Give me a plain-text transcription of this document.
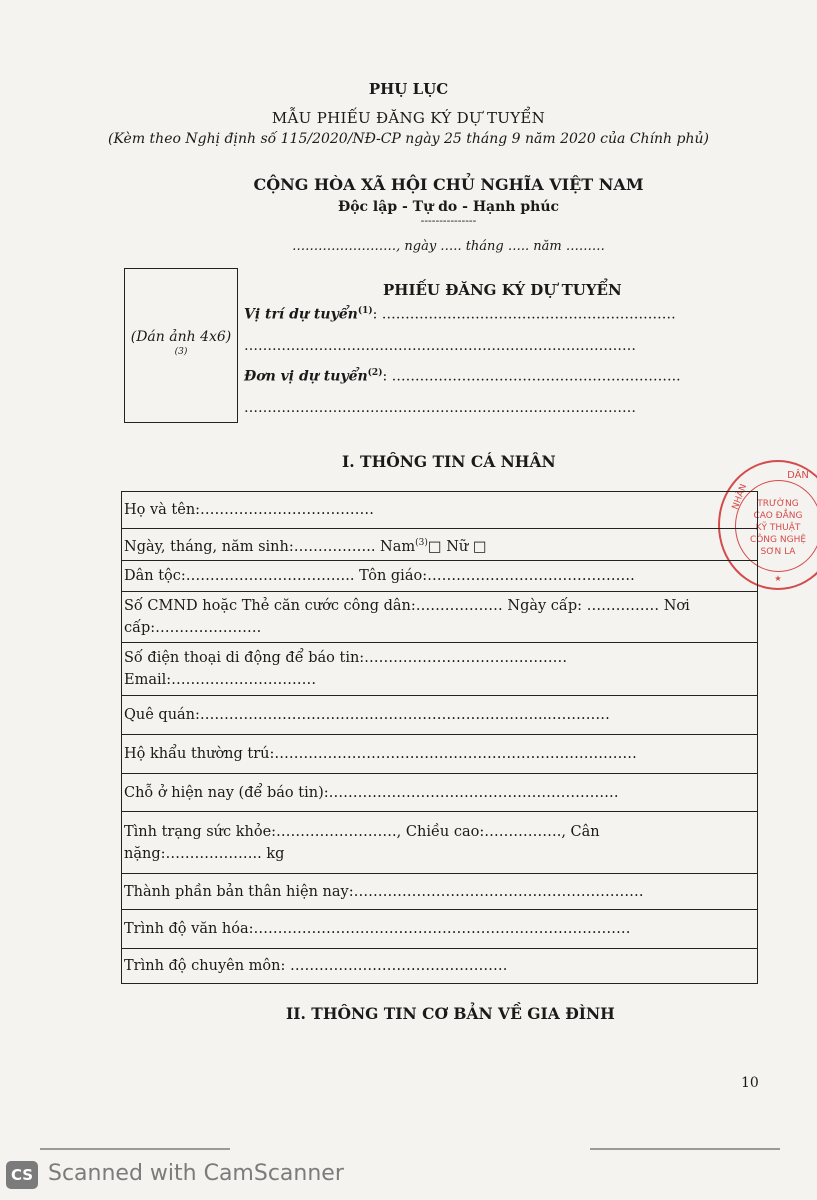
PHỤ LỤC
MẪU PHIẾU ĐĂNG KÝ DỰ TUYỂN
(Kèm theo Nghị định số 115/2020/NĐ-CP ngày 25 tháng 9 năm 2020 của Chính phủ)
CỘNG HÒA XÃ HỘI CHỦ NGHĨA VIỆT NAM
Độc lập - Tự do - Hạnh phúc
---------------
……………………, ngày ….. tháng ….. năm ………
(Dán ảnh 4x6)
(3)
PHIẾU ĐĂNG KÝ DỰ TUYỂN
Vị trí dự tuyển$^{(1)}$: ………………………………………………………
…………………………………………………………………………
Đơn vị dự tuyển$^{(2)}$: ……………………………………………………..
…………………………………………………………………………
I. THÔNG TIN CÁ NHÂN
DÂN
NHÂN TRƯỜNG
CAO ĐẲNG
KỸ THUẬT
CÔNG NGHỆ
SƠN LA
★
Họ và tên:………………………………

Ngày, tháng, năm sinh:…………….. Nam$^{(3)}$□ Nữ □

Dân tộc:…………………………….. Tôn giáo:…………………………………….

Số CMND hoặc Thẻ căn cước công dân:……………… Ngày cấp: …………… Nơi
cấp:………………….

Số điện thoại di động để báo tin:……………………………………
Email:…………………………

Quê quán:……………………………………………………………....…………

Hộ khẩu thường trú:…………………………………………………………………

Chỗ ở hiện nay (để báo tin):……………………………………………………

Tình trạng sức khỏe:……………………., Chiều cao:……………., Cân
nặng:……………….. kg

Thành phần bản thân hiện nay:……………………………………………………

Trình độ văn hóa:……………………………………………………………………

Trình độ chuyên môn: ………………………………………
II. THÔNG TIN CƠ BẢN VỀ GIA ĐÌNH
10
CS Scanned with CamScanner
